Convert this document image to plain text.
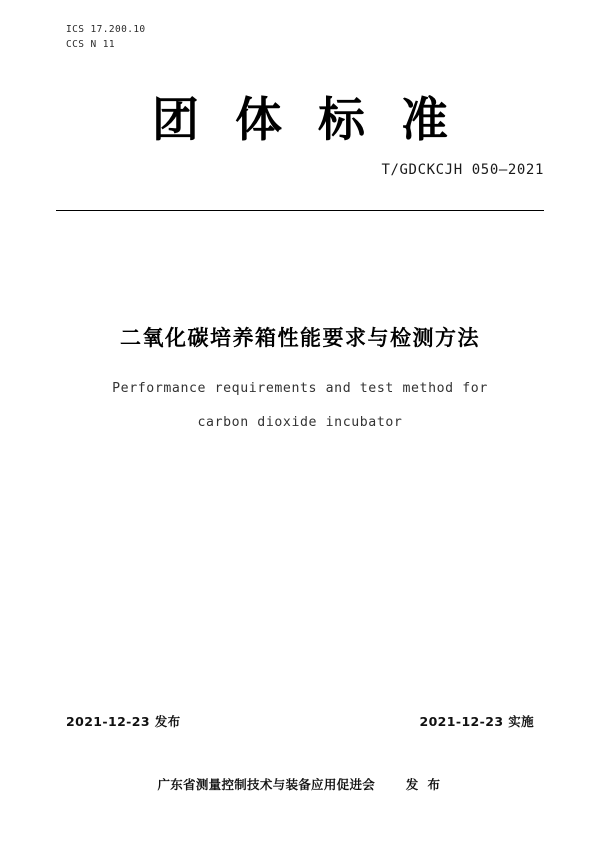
ICS 17.200.10
CCS N 11
团体标准
T/GDCKCJH 050—2021
二氧化碳培养箱性能要求与检测方法
Performance requirements and test method for
carbon dioxide incubator
2021-12-23 发布	2021-12-23 实施
广东省测量控制技术与装备应用促进会 发 布
